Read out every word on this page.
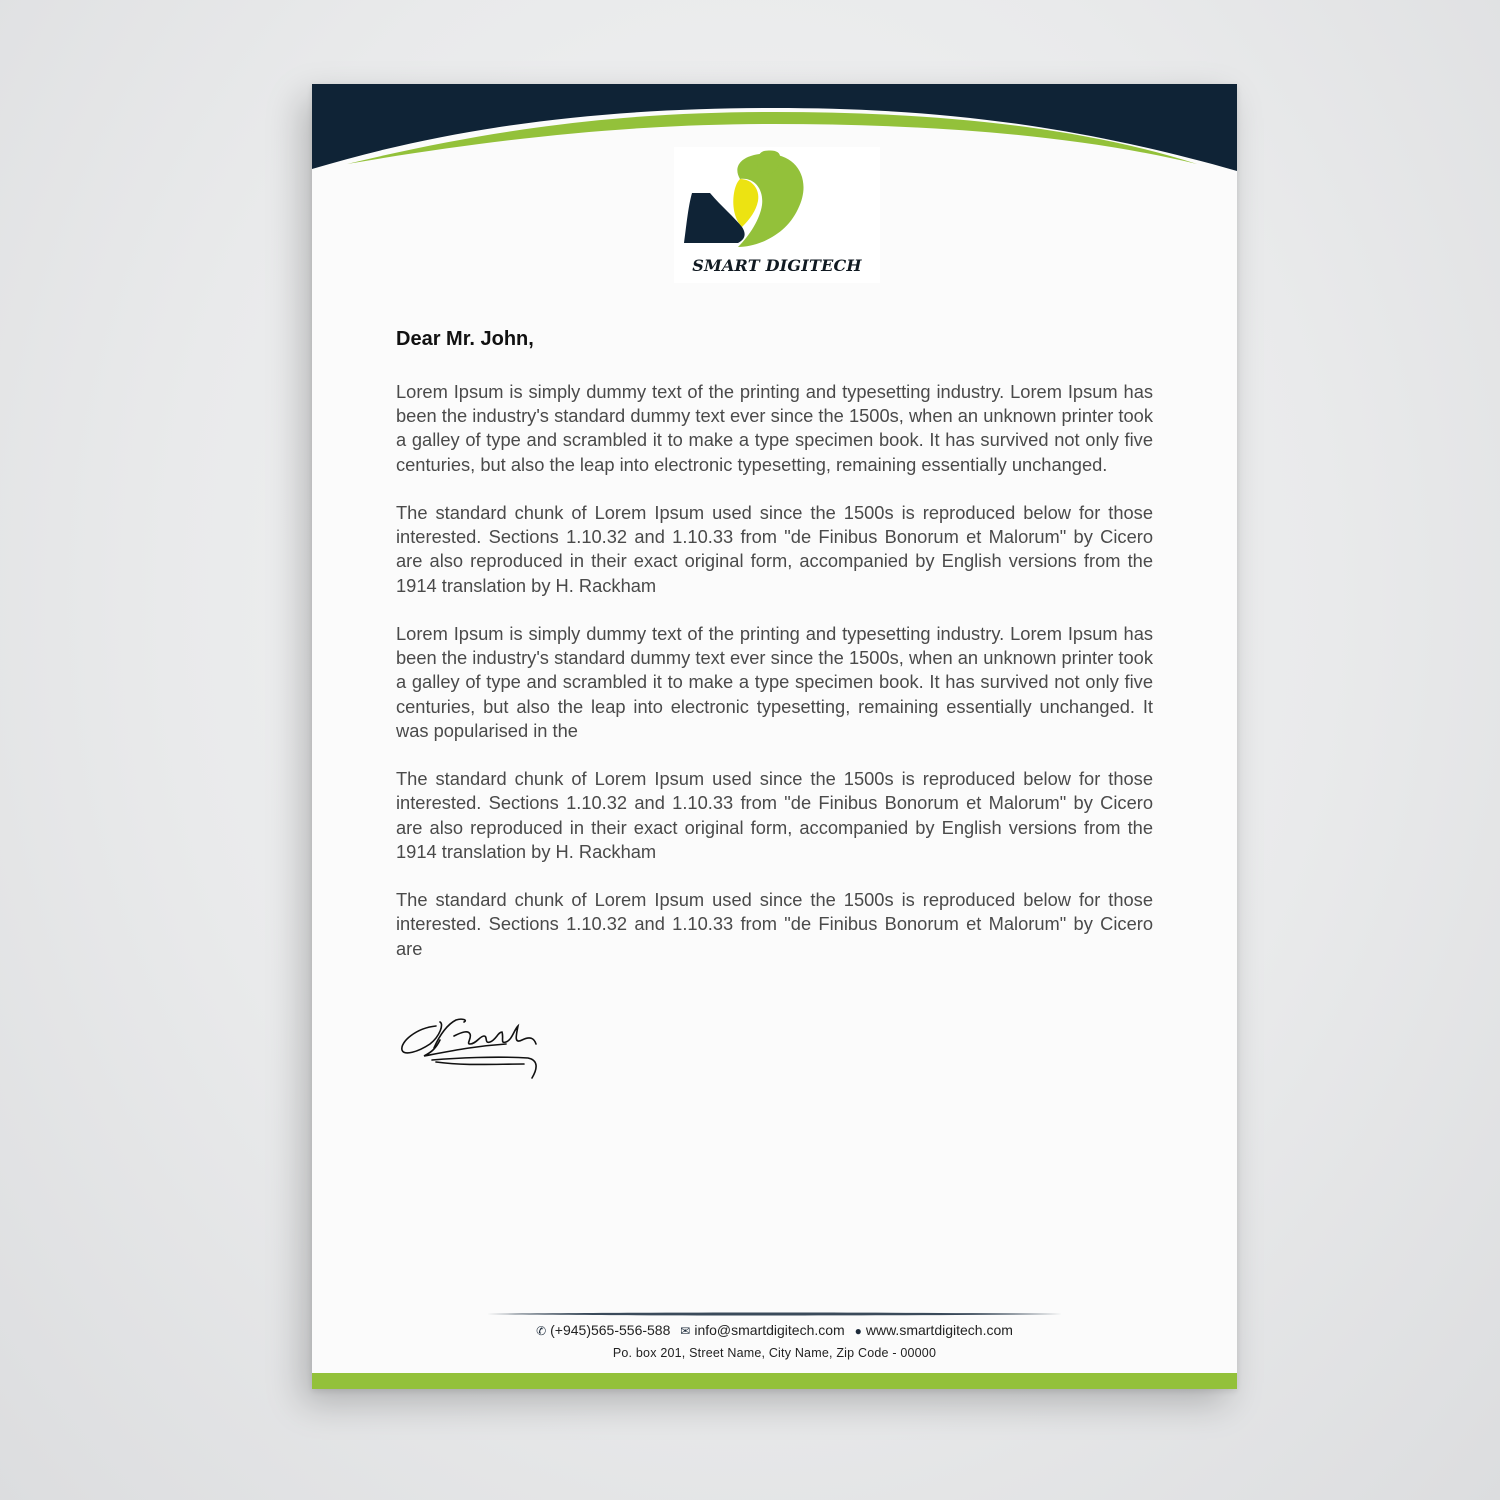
SMART DIGITECH
Dear Mr. John,

Lorem Ipsum is simply dummy text of the printing and typesetting industry. Lorem Ipsum has been the industry's standard dummy text ever since the 1500s, when an unknown printer took a galley of type and scrambled it to make a type specimen book. It has survived not only five centuries, but also the leap into electronic typesetting, remaining essentially unchanged.

The standard chunk of Lorem Ipsum used since the 1500s is reproduced below for those interested. Sections 1.10.32 and 1.10.33 from "de Finibus Bonorum et Malorum" by Cicero are also reproduced in their exact original form, accompanied by English versions from the 1914 translation by H. Rackham

Lorem Ipsum is simply dummy text of the printing and typesetting industry. Lorem Ipsum has been the industry's standard dummy text ever since the 1500s, when an unknown printer took a galley of type and scrambled it to make a type specimen book. It has survived not only five centuries, but also the leap into electronic typesetting, remaining essentially unchanged. It was popularised in the

The standard chunk of Lorem Ipsum used since the 1500s is reproduced below for those interested. Sections 1.10.32 and 1.10.33 from "de Finibus Bonorum et Malorum" by Cicero are also reproduced in their exact original form, accompanied by English versions from the 1914 translation by H. Rackham

The standard chunk of Lorem Ipsum used since the 1500s is reproduced below for those interested. Sections 1.10.32 and 1.10.33 from "de Finibus Bonorum et Malorum" by Cicero are

✆ (+945)565-556-588 ✉ info@smartdigitech.com ● www.smartdigitech.com
Po. box 201, Street Name, City Name, Zip Code - 00000
